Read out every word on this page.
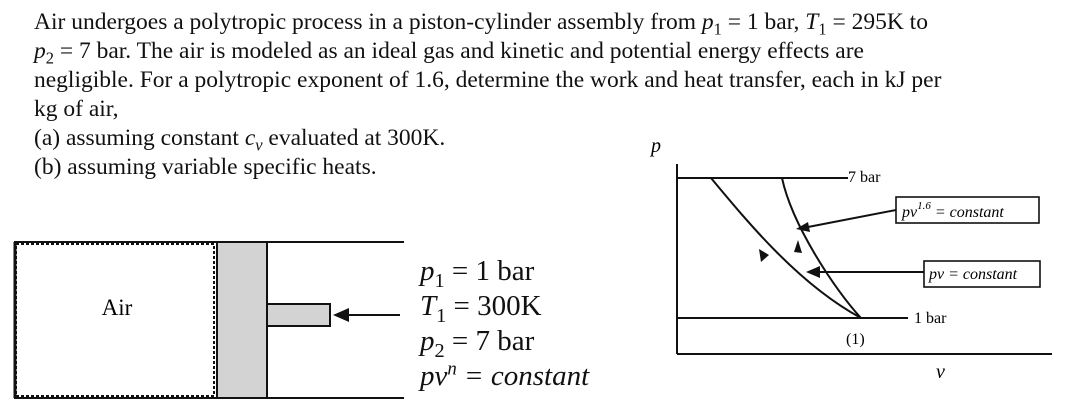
Air undergoes a polytropic process in a piston-cylinder assembly from $p_1 = 1$ bar, $T_1 = 295K$ to

$p_2 = 7$ bar. The air is modeled as an ideal gas and kinetic and potential energy effects are

negligible. For a polytropic exponent of 1.6, determine the work and heat transfer, each in kJ per

kg of air,

(a) assuming constant $c_v$ evaluated at 300K.

(b) assuming variable specific heats.

Air
$p_1 = 1$ bar
$T_1 = 300K$
$p_2 = 7$ bar
$pv^n$ = constant
p
v
7 bar
1 bar
(1)
$pv^{1.6}$ = constant
pv = constant
